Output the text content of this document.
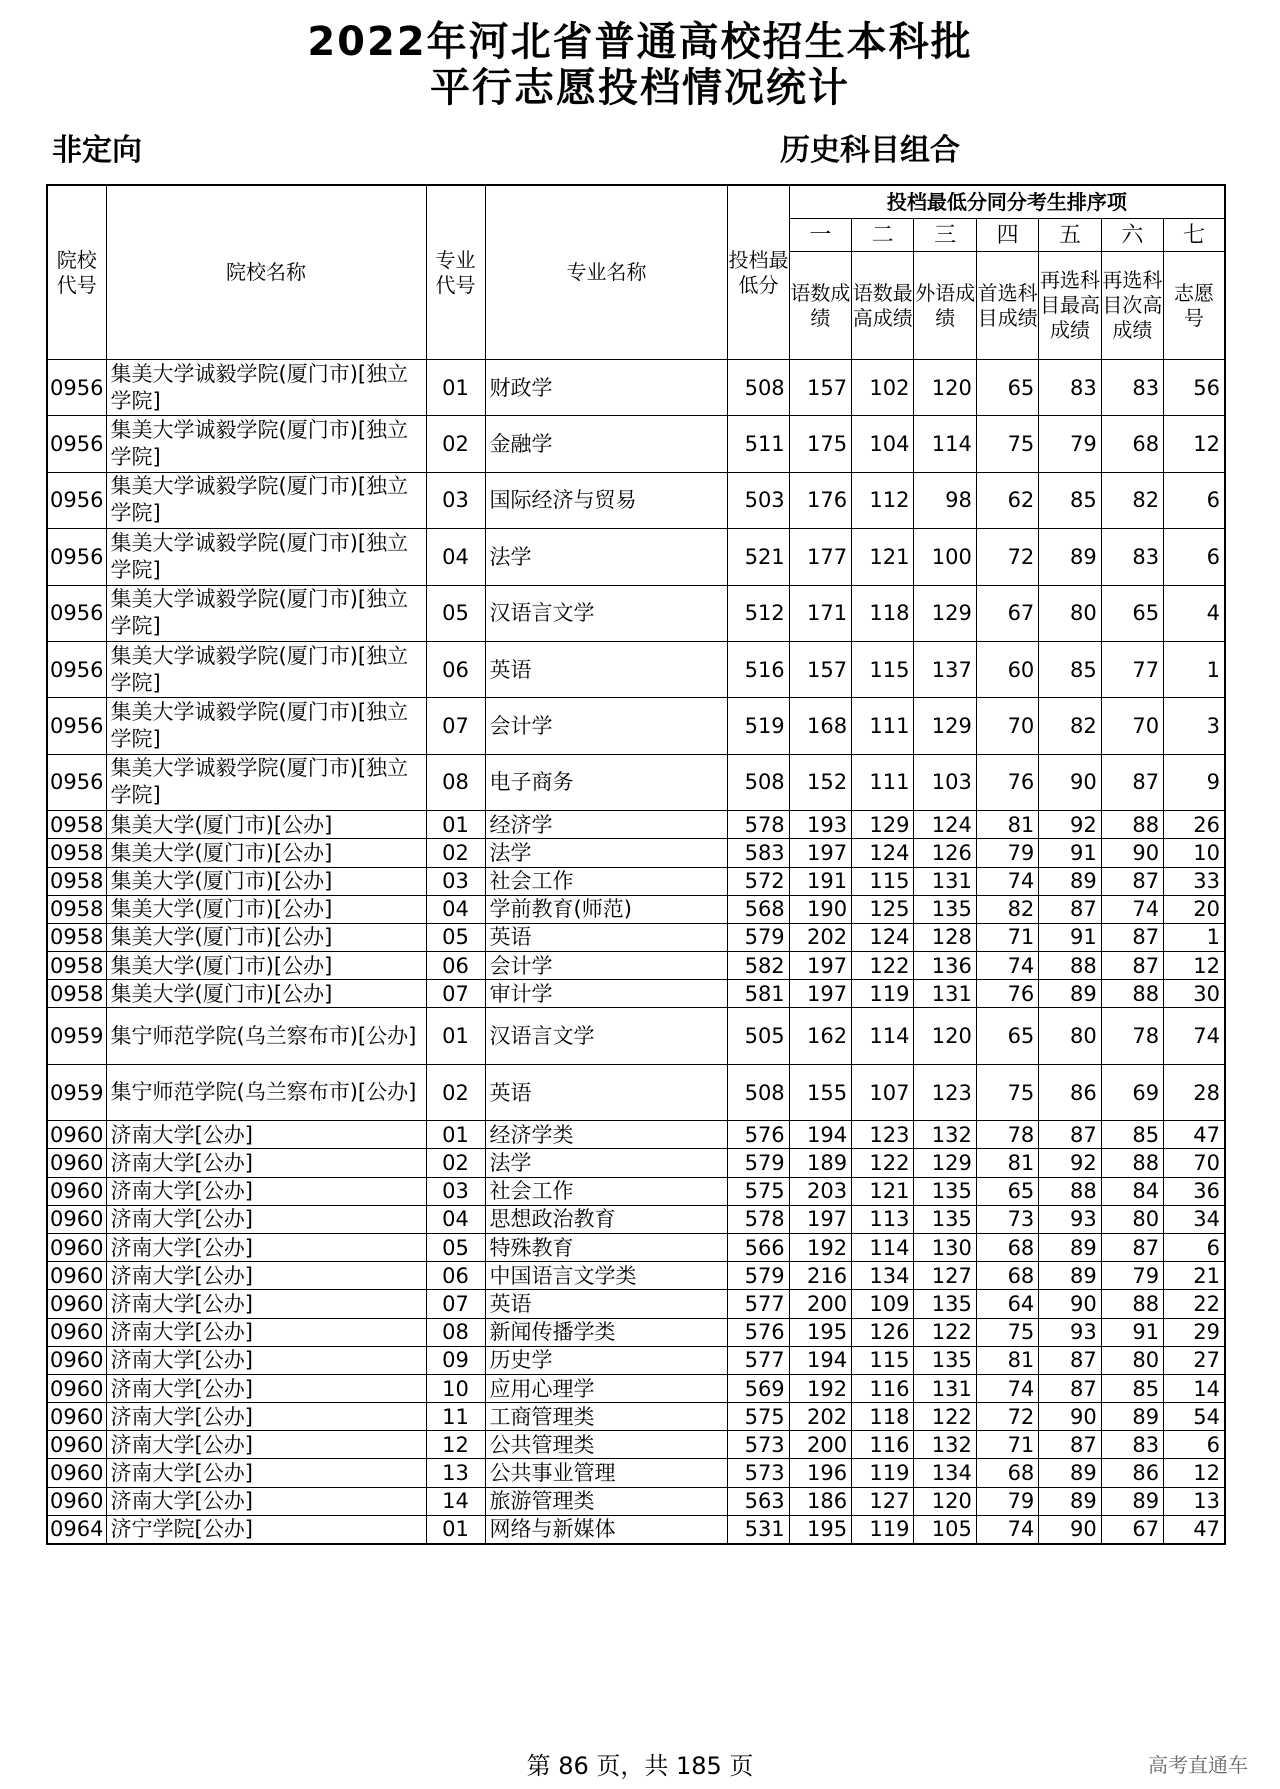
2022年河北省普通高校招生本科批
平行志愿投档情况统计
非定向	历史科目组合
院校代号	院校名称	专业代号	专业名称	投档最低分	投档最低分同分考生排序项						
					一	二	三	四	五	六	七
					语数成绩	语数最高成绩	外语成绩	首选科目成绩	再选科目最高成绩	再选科目次高成绩	志愿号
0956	集美大学诚毅学院(厦门市)[独立学院]	01	财政学	508	157	102	120	65	83	83	56
0956	集美大学诚毅学院(厦门市)[独立学院]	02	金融学	511	175	104	114	75	79	68	12
0956	集美大学诚毅学院(厦门市)[独立学院]	03	国际经济与贸易	503	176	112	98	62	85	82	6
0956	集美大学诚毅学院(厦门市)[独立学院]	04	法学	521	177	121	100	72	89	83	6
0956	集美大学诚毅学院(厦门市)[独立学院]	05	汉语言文学	512	171	118	129	67	80	65	4
0956	集美大学诚毅学院(厦门市)[独立学院]	06	英语	516	157	115	137	60	85	77	1
0956	集美大学诚毅学院(厦门市)[独立学院]	07	会计学	519	168	111	129	70	82	70	3
0956	集美大学诚毅学院(厦门市)[独立学院]	08	电子商务	508	152	111	103	76	90	87	9
0958	集美大学(厦门市)[公办]	01	经济学	578	193	129	124	81	92	88	26
0958	集美大学(厦门市)[公办]	02	法学	583	197	124	126	79	91	90	10
0958	集美大学(厦门市)[公办]	03	社会工作	572	191	115	131	74	89	87	33
0958	集美大学(厦门市)[公办]	04	学前教育(师范)	568	190	125	135	82	87	74	20
0958	集美大学(厦门市)[公办]	05	英语	579	202	124	128	71	91	87	1
0958	集美大学(厦门市)[公办]	06	会计学	582	197	122	136	74	88	87	12
0958	集美大学(厦门市)[公办]	07	审计学	581	197	119	131	76	89	88	30
0959	集宁师范学院(乌兰察布市)[公办]	01	汉语言文学	505	162	114	120	65	80	78	74
0959	集宁师范学院(乌兰察布市)[公办]	02	英语	508	155	107	123	75	86	69	28
0960	济南大学[公办]	01	经济学类	576	194	123	132	78	87	85	47
0960	济南大学[公办]	02	法学	579	189	122	129	81	92	88	70
0960	济南大学[公办]	03	社会工作	575	203	121	135	65	88	84	36
0960	济南大学[公办]	04	思想政治教育	578	197	113	135	73	93	80	34
0960	济南大学[公办]	05	特殊教育	566	192	114	130	68	89	87	6
0960	济南大学[公办]	06	中国语言文学类	579	216	134	127	68	89	79	21
0960	济南大学[公办]	07	英语	577	200	109	135	64	90	88	22
0960	济南大学[公办]	08	新闻传播学类	576	195	126	122	75	93	91	29
0960	济南大学[公办]	09	历史学	577	194	115	135	81	87	80	27
0960	济南大学[公办]	10	应用心理学	569	192	116	131	74	87	85	14
0960	济南大学[公办]	11	工商管理类	575	202	118	122	72	90	89	54
0960	济南大学[公办]	12	公共管理类	573	200	116	132	71	87	83	6
0960	济南大学[公办]	13	公共事业管理	573	196	119	134	68	89	86	12
0960	济南大学[公办]	14	旅游管理类	563	186	127	120	79	89	89	13
0964	济宁学院[公办]	01	网络与新媒体	531	195	119	105	74	90	67	47
第 86 页，共 185 页	高考直通车
